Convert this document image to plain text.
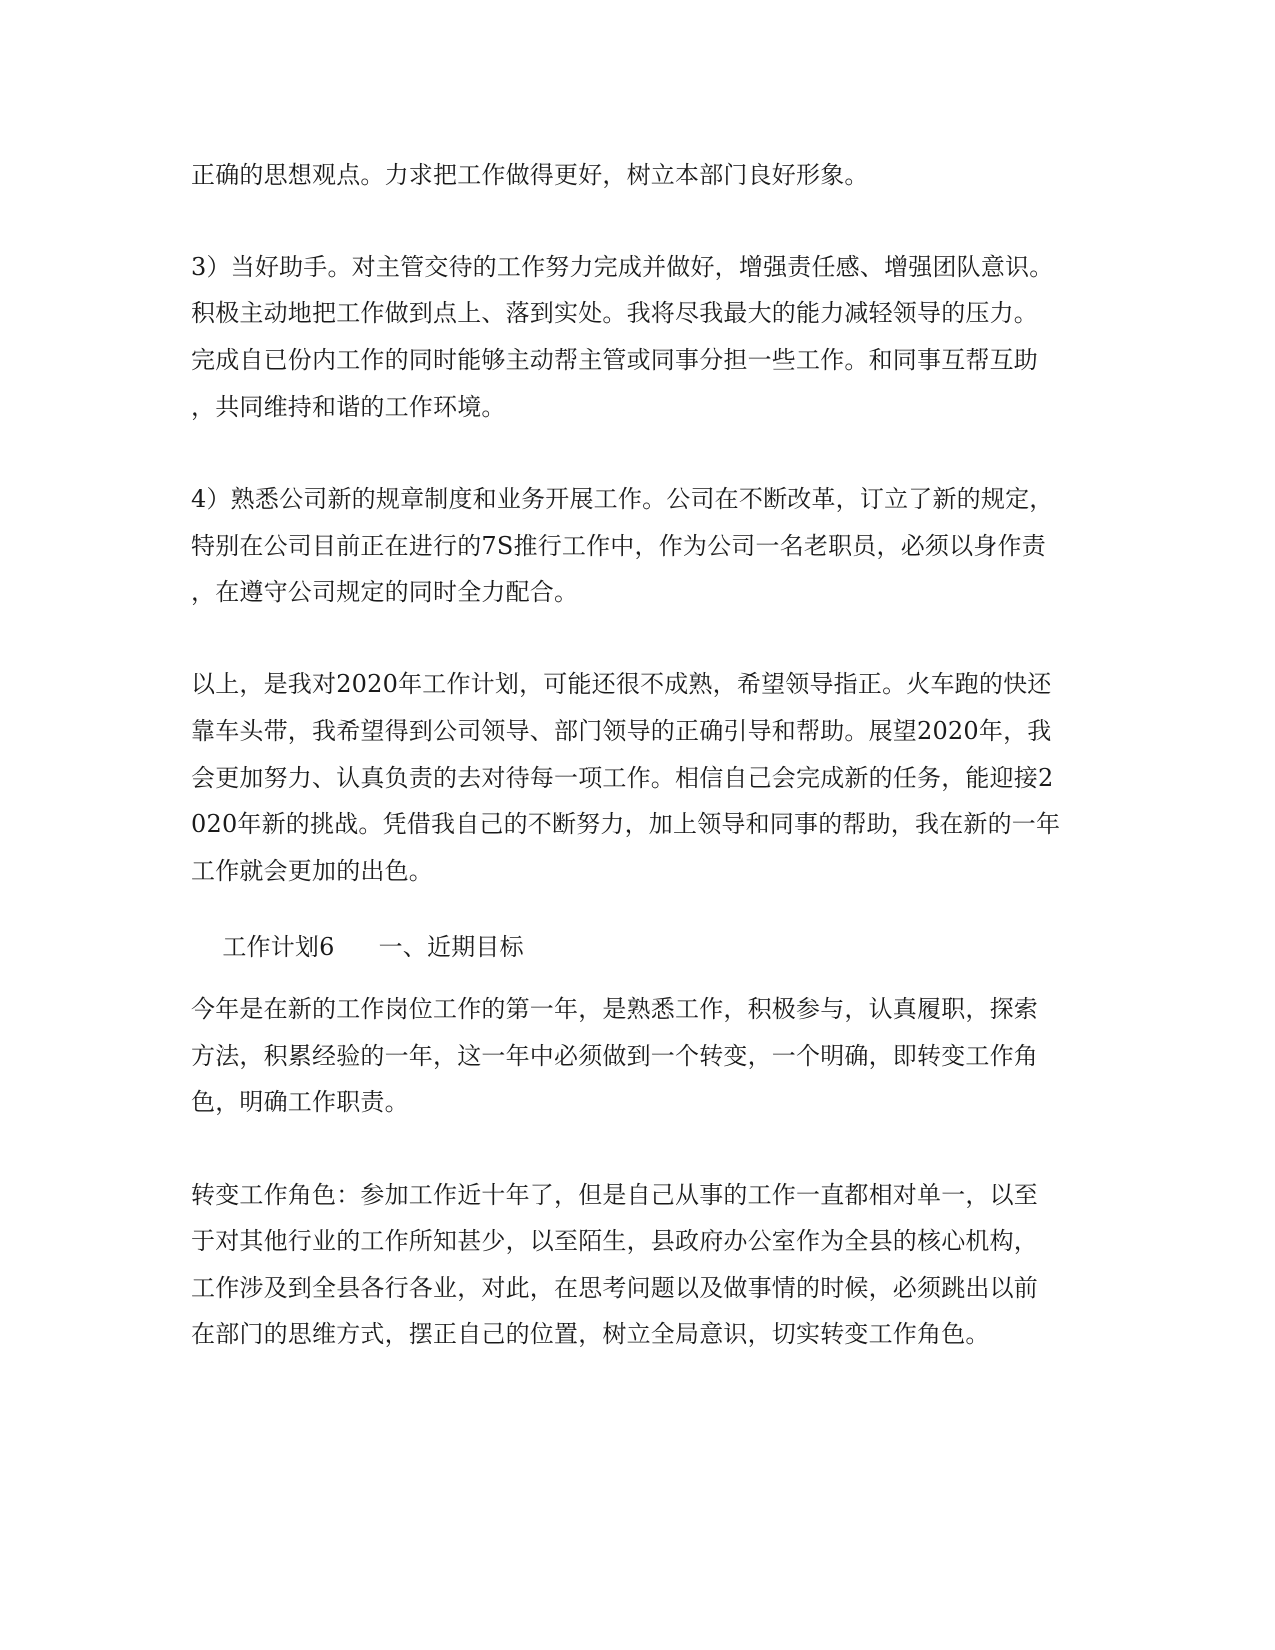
正确的思想观点。力求把工作做得更好，树立本部门良好形象。
3）当好助手。对主管交待的工作努力完成并做好，增强责任感、增强团队意识。
积极主动地把工作做到点上、落到实处。我将尽我最大的能力减轻领导的压力。
完成自已份内工作的同时能够主动帮主管或同事分担一些工作。和同事互帮互助
，共同维持和谐的工作环境。
4）熟悉公司新的规章制度和业务开展工作。公司在不断改革，订立了新的规定，
特别在公司目前正在进行的7S推行工作中，作为公司一名老职员，必须以身作责
，在遵守公司规定的同时全力配合。
以上，是我对2020年工作计划，可能还很不成熟，希望领导指正。火车跑的快还
靠车头带，我希望得到公司领导、部门领导的正确引导和帮助。展望2020年，我
会更加努力、认真负责的去对待每一项工作。相信自己会完成新的任务，能迎接2
020年新的挑战。凭借我自己的不断努力，加上领导和同事的帮助，我在新的一年
工作就会更加的出色。

工作计划6 一、近期目标

今年是在新的工作岗位工作的第一年，是熟悉工作，积极参与，认真履职，探索
方法，积累经验的一年，这一年中必须做到一个转变，一个明确，即转变工作角
色，明确工作职责。
转变工作角色：参加工作近十年了，但是自己从事的工作一直都相对单一，以至
于对其他行业的工作所知甚少，以至陌生，县政府办公室作为全县的核心机构，
工作涉及到全县各行各业，对此，在思考问题以及做事情的时候，必须跳出以前
在部门的思维方式，摆正自己的位置，树立全局意识，切实转变工作角色。
